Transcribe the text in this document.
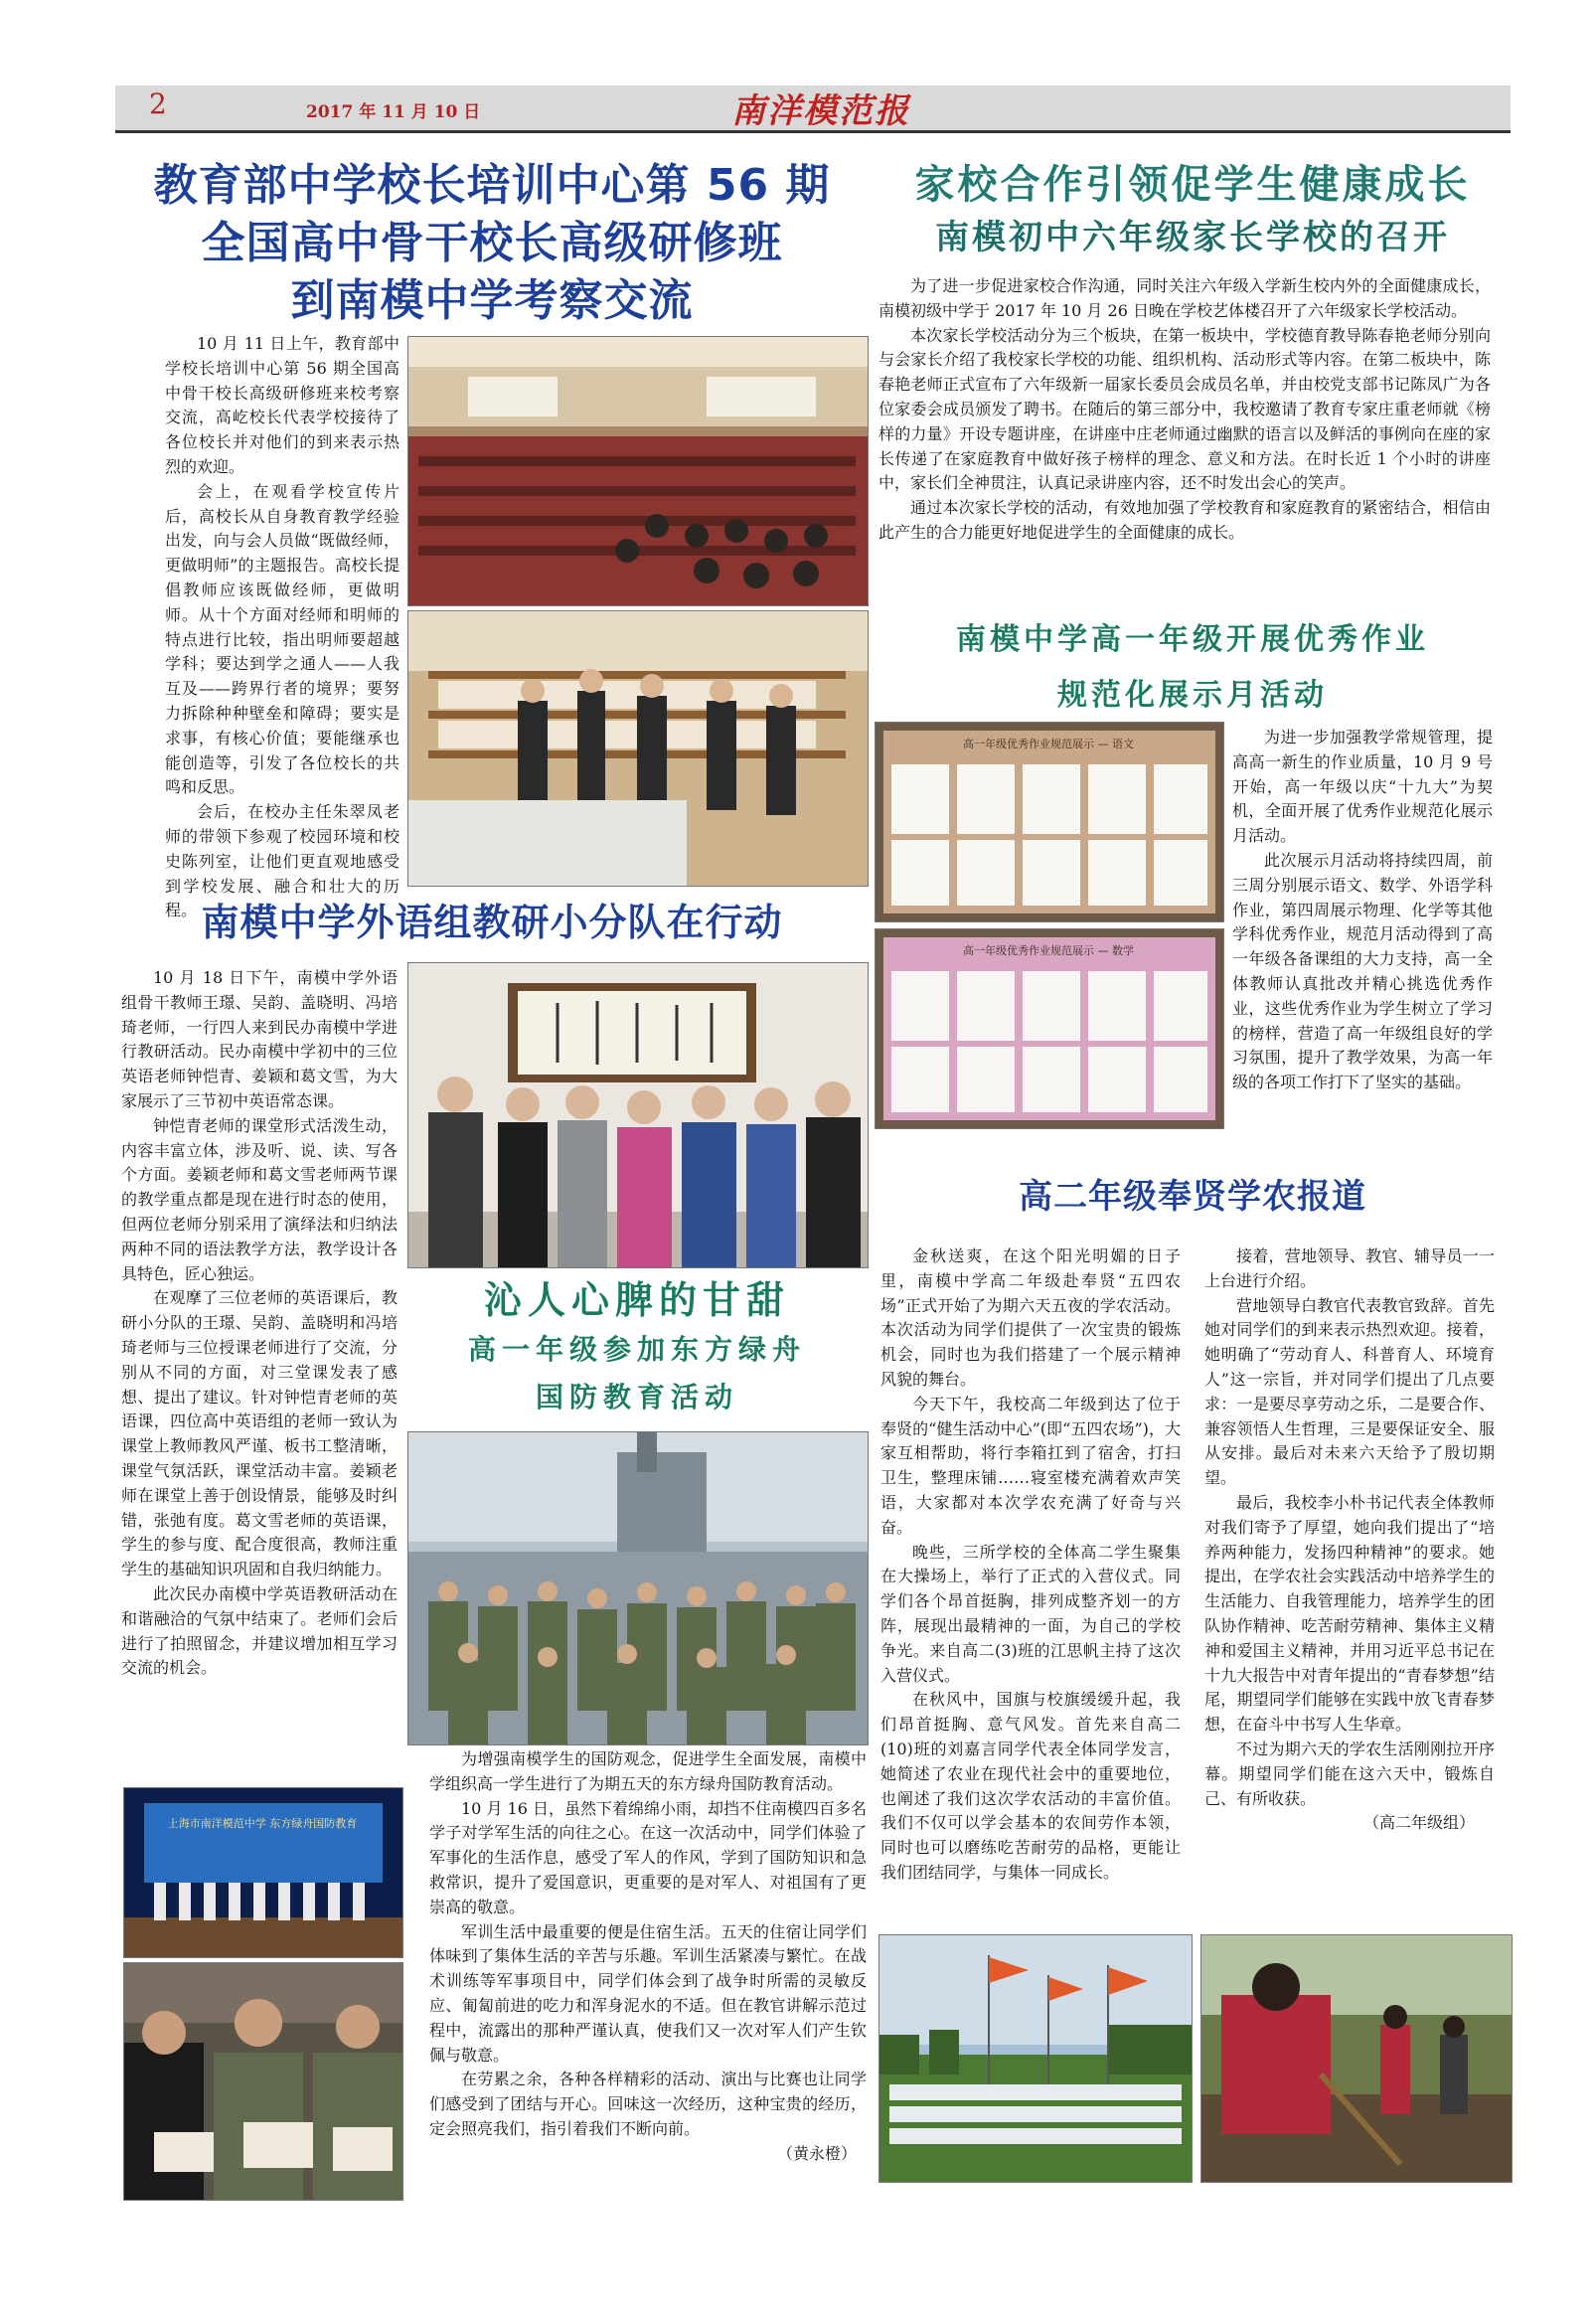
2	2017 年 11 月 10 日	南洋模范报
教育部中学校长培训中心第 56 期
全国高中骨干校长高级研修班
到南模中学考察交流

10 月 11 日上午，教育部中学校长培训中心第 56 期全国高中骨干校长高级研修班来校考察交流，高屹校长代表学校接待了各位校长并对他们的到来表示热烈的欢迎。

会上，在观看学校宣传片后，高校长从自身教育教学经验出发，向与会人员做“既做经师，更做明师”的主题报告。高校长提倡教师应该既做经师，更做明师。从十个方面对经师和明师的特点进行比较，指出明师要超越学科；要达到学之通人——人我互及——跨界行者的境界；要努力拆除种种壁垒和障碍；要实是求事，有核心价值；要能继承也能创造等，引发了各位校长的共鸣和反思。

会后，在校办主任朱翠凤老师的带领下参观了校园环境和校史陈列室，让他们更直观地感受到学校发展、融合和壮大的历程。 南模中学外语组教研小分队在行动

10 月 18 日下午，南模中学外语组骨干教师王璟、吴韵、盖晓明、冯培琦老师，一行四人来到民办南模中学进行教研活动。民办南模中学初中的三位英语老师钟恺青、姜颖和葛文雪，为大家展示了三节初中英语常态课。

钟恺青老师的课堂形式活泼生动，内容丰富立体，涉及听、说、读、写各个方面。姜颖老师和葛文雪老师两节课的教学重点都是现在进行时态的使用，但两位老师分别采用了演绎法和归纳法两种不同的语法教学方法，教学设计各具特色，匠心独运。

在观摩了三位老师的英语课后，教研小分队的王璟、吴韵、盖晓明和冯培琦老师与三位授课老师进行了交流，分别从不同的方面，对三堂课发表了感想、提出了建议。针对钟恺青老师的英语课，四位高中英语组的老师一致认为课堂上教师教风严谨、板书工整清晰，课堂气氛活跃，课堂活动丰富。姜颖老师在课堂上善于创设情景，能够及时纠错，张弛有度。葛文雪老师的英语课，学生的参与度、配合度很高，教师注重学生的基础知识巩固和自我归纳能力。

此次民办南模中学英语教研活动在和谐融洽的气氛中结束了。老师们会后进行了拍照留念，并建议增加相互学习交流的机会。

沁人心脾的甘甜
高一年级参加东方绿舟
国防教育活动
上海市南洋模范中学 东方绿舟国防教育

为增强南模学生的国防观念，促进学生全面发展，南模中学组织高一学生进行了为期五天的东方绿舟国防教育活动。

10 月 16 日，虽然下着绵绵小雨，却挡不住南模四百多名学子对学军生活的向往之心。在这一次活动中，同学们体验了军事化的生活作息，感受了军人的作风，学到了国防知识和急救常识，提升了爱国意识，更重要的是对军人、对祖国有了更崇高的敬意。

军训生活中最重要的便是住宿生活。五天的住宿让同学们体味到了集体生活的辛苦与乐趣。军训生活紧凑与繁忙。在战术训练等军事项目中，同学们体会到了战争时所需的灵敏反应、匍匐前进的吃力和浑身泥水的不适。但在教官讲解示范过程中，流露出的那种严谨认真，使我们又一次对军人们产生钦佩与敬意。

在劳累之余，各种各样精彩的活动、演出与比赛也让同学们感受到了团结与开心。回味这一次经历，这种宝贵的经历，定会照亮我们，指引着我们不断向前。

（黄永橙）
家校合作引领促学生健康成长
南模初中六年级家长学校的召开

为了进一步促进家校合作沟通，同时关注六年级入学新生校内外的全面健康成长，南模初级中学于 2017 年 10 月 26 日晚在学校艺体楼召开了六年级家长学校活动。

本次家长学校活动分为三个板块，在第一板块中，学校德育教导陈春艳老师分别向与会家长介绍了我校家长学校的功能、组织机构、活动形式等内容。在第二板块中，陈春艳老师正式宣布了六年级新一届家长委员会成员名单，并由校党支部书记陈凤广为各位家委会成员颁发了聘书。在随后的第三部分中，我校邀请了教育专家庄重老师就《榜样的力量》开设专题讲座，在讲座中庄老师通过幽默的语言以及鲜活的事例向在座的家长传递了在家庭教育中做好孩子榜样的理念、意义和方法。在时长近 1 个小时的讲座中，家长们全神贯注，认真记录讲座内容，还不时发出会心的笑声。

通过本次家长学校的活动，有效地加强了学校教育和家庭教育的紧密结合，相信由此产生的合力能更好地促进学生的全面健康的成长。

南模中学高一年级开展优秀作业
规范化展示月活动
高一年级优秀作业规范展示 — 语文
高一年级优秀作业规范展示 — 数学

为进一步加强教学常规管理，提高高一新生的作业质量，10 月 9 号开始，高一年级以庆“十九大”为契机，全面开展了优秀作业规范化展示月活动。

此次展示月活动将持续四周，前三周分别展示语文、数学、外语学科作业，第四周展示物理、化学等其他学科优秀作业，规范月活动得到了高一年级各备课组的大力支持，高一全体教师认真批改并精心挑选优秀作业，这些优秀作业为学生树立了学习的榜样，营造了高一年级组良好的学习氛围，提升了教学效果，为高一年级的各项工作打下了坚实的基础。

高二年级奉贤学农报道

金秋送爽，在这个阳光明媚的日子里，南模中学高二年级赴奉贤“五四农场”正式开始了为期六天五夜的学农活动。本次活动为同学们提供了一次宝贵的锻炼机会，同时也为我们搭建了一个展示精神风貌的舞台。

今天下午，我校高二年级到达了位于奉贤的“健生活动中心”(即“五四农场”)，大家互相帮助，将行李箱扛到了宿舍，打扫卫生，整理床铺……寝室楼充满着欢声笑语，大家都对本次学农充满了好奇与兴奋。

晚些，三所学校的全体高二学生聚集在大操场上，举行了正式的入营仪式。同学们各个昂首挺胸，排列成整齐划一的方阵，展现出最精神的一面，为自己的学校争光。来自高二(3)班的江思帆主持了这次入营仪式。

在秋风中，国旗与校旗缓缓升起，我们昂首挺胸、意气风发。首先来自高二(10)班的刘嘉言同学代表全体同学发言，她简述了农业在现代社会中的重要地位，也阐述了我们这次学农活动的丰富价值。我们不仅可以学会基本的农间劳作本领，同时也可以磨练吃苦耐劳的品格，更能让我们团结同学，与集体一同成长。

接着，营地领导、教官、辅导员一一上台进行介绍。

营地领导白教官代表教官致辞。首先她对同学们的到来表示热烈欢迎。接着，她明确了“劳动育人、科普育人、环境育人”这一宗旨，并对同学们提出了几点要求：一是要尽享劳动之乐，二是要合作、兼容领悟人生哲理，三是要保证安全、服从安排。最后对未来六天给予了殷切期望。

最后，我校李小朴书记代表全体教师对我们寄予了厚望，她向我们提出了“培养两种能力，发扬四种精神”的要求。她提出，在学农社会实践活动中培养学生的生活能力、自我管理能力，培养学生的团队协作精神、吃苦耐劳精神、集体主义精神和爱国主义精神，并用习近平总书记在十九大报告中对青年提出的“青春梦想”结尾，期望同学们能够在实践中放飞青春梦想，在奋斗中书写人生华章。

不过为期六天的学农生活刚刚拉开序幕。期望同学们能在这六天中，锻炼自己、有所收获。

（高二年级组）
